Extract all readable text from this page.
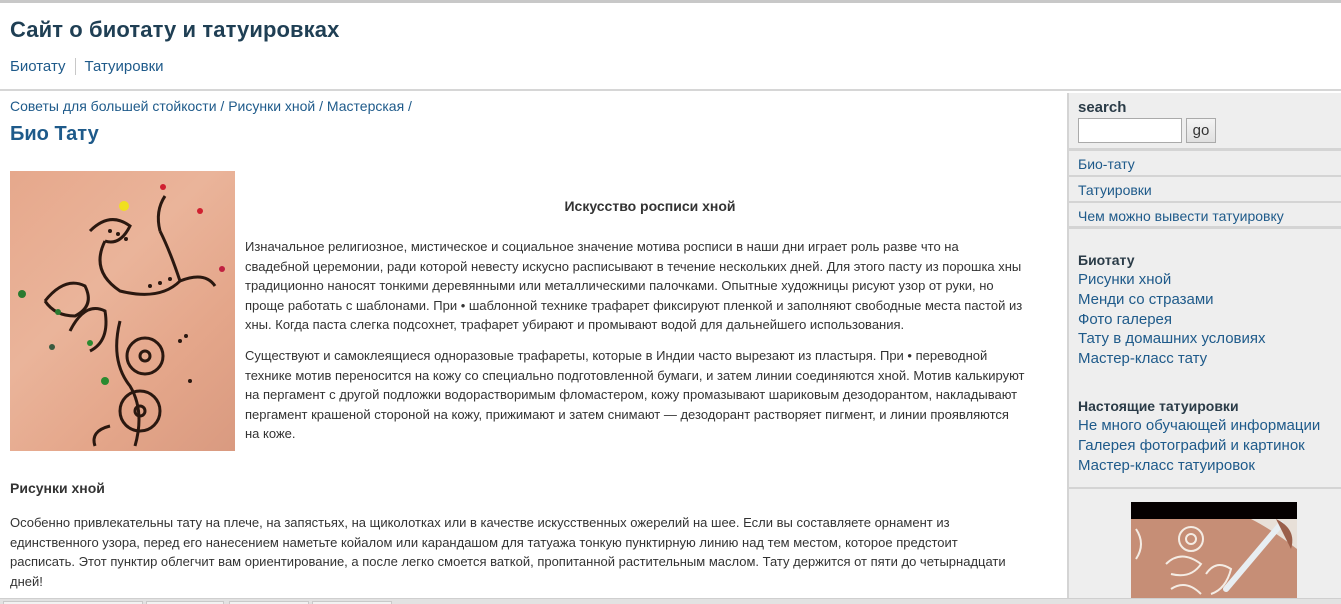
Сайт о биотату и татуировках
Биотату Татуировки
Советы для большей стойкости / Рисунки хной / Мастерская /
Био Тату
Искусство росписи хной

Изначальное религиозное, мистическое и социальное значение мотива росписи в наши дни играет роль разве что на свадебной церемонии, ради которой невесту искусно расписывают в течение нескольких дней. Для этого пасту из порошка хны традиционно наносят тонкими деревянными или металлическими палочками. Опытные художницы рисуют узор от руки, но проще работать с шаблонами. При • шаблонной технике трафарет фиксируют пленкой и заполняют свободные места пастой из хны. Когда паста слегка подсохнет, трафарет убирают и промывают водой для дальнейшего использования.

Существуют и самоклеящиеся одноразовые трафареты, которые в Индии часто вырезают из пластыря. При • переводной технике мотив переносится на кожу со специально подготовленной бумаги, и затем линии соединяются хной. Мотив калькируют на пергамент с другой подложки водорастворимым фломастером, кожу промазывают шариковым дезодорантом, накладывают пергамент крашеной стороной на кожу, прижимают и затем снимают — дезодорант растворяет пигмент, и линии проявляются на коже.

Рисунки хной

Особенно привлекательны тату на плече, на запястьях, на щиколотках или в качестве искусственных ожерелий на шее. Если вы составляете орнамент из единственного узора, перед его нанесением наметьте койалом или карандашом для татуажа тонкую пунктирную линию над тем местом, которое предстоит расписать. Этот пунктир облегчит вам ориентирование, а после легко смоется ваткой, пропитанной растительным маслом. Тату держится от пяти до четырнадцати дней!

search
go
Био-тату
Татуировки
Чем можно вывести татуировку
Биотату
Рисунки хной
Менди со стразами
Фото галерея
Тату в домашних условиях
Мастер-класс тату
Настоящие татуировки
Не много обучающей информации
Галерея фотографий и картинок
Мастер-класс татуировок
